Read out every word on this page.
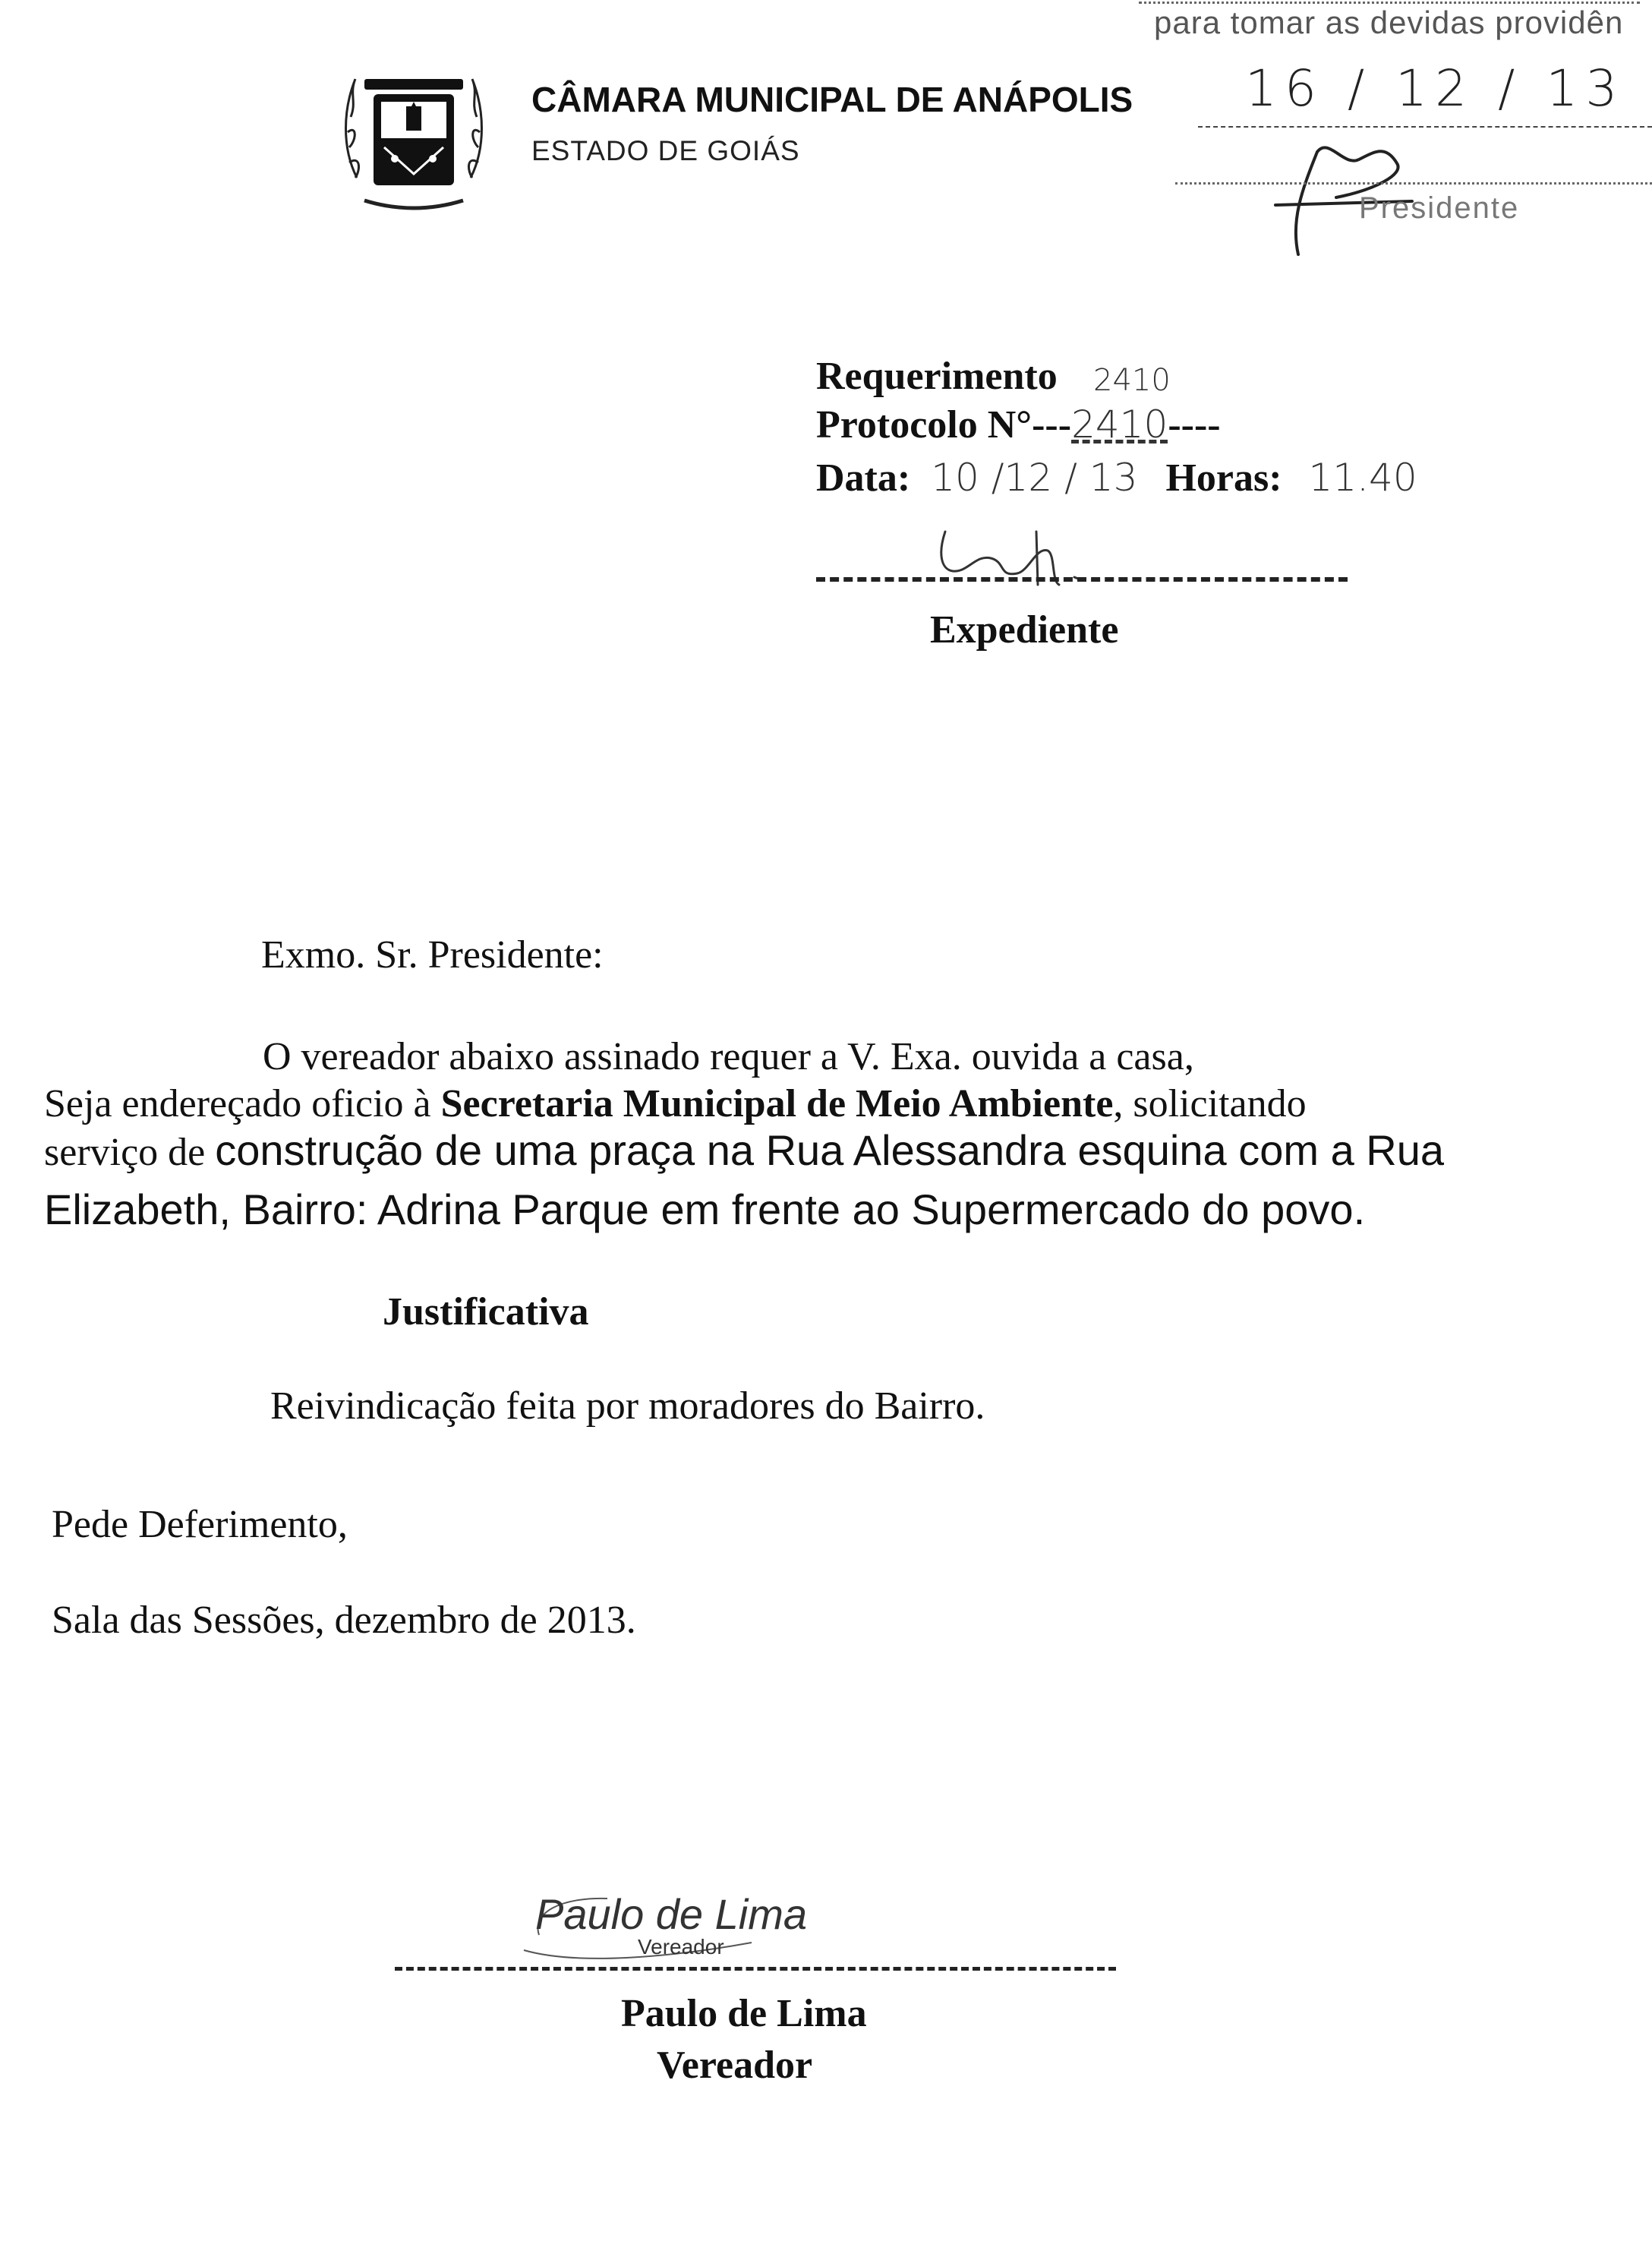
para tomar as devidas providên
16 / 12 / 13
Presidente
CÂMARA MUNICIPAL DE ANÁPOLIS
ESTADO DE GOIÁS
Requerimento
Protocolo N°---2410----
2410
Data: 10 /12 / 13 Horas: 11.40
Expediente
Exmo. Sr. Presidente:
O vereador abaixo assinado requer a V. Exa. ouvida a casa,
Seja endereçado oficio à Secretaria Municipal de Meio Ambiente, solicitando
serviço de construção de uma praça na Rua Alessandra esquina com a Rua
Elizabeth, Bairro: Adrina Parque em frente ao Supermercado do povo.
Justificativa
Reivindicação feita por moradores do Bairro.
Pede Deferimento,
Sala das Sessões, dezembro de 2013.
Paulo de Lima
Vereador
Paulo de Lima
Vereador
